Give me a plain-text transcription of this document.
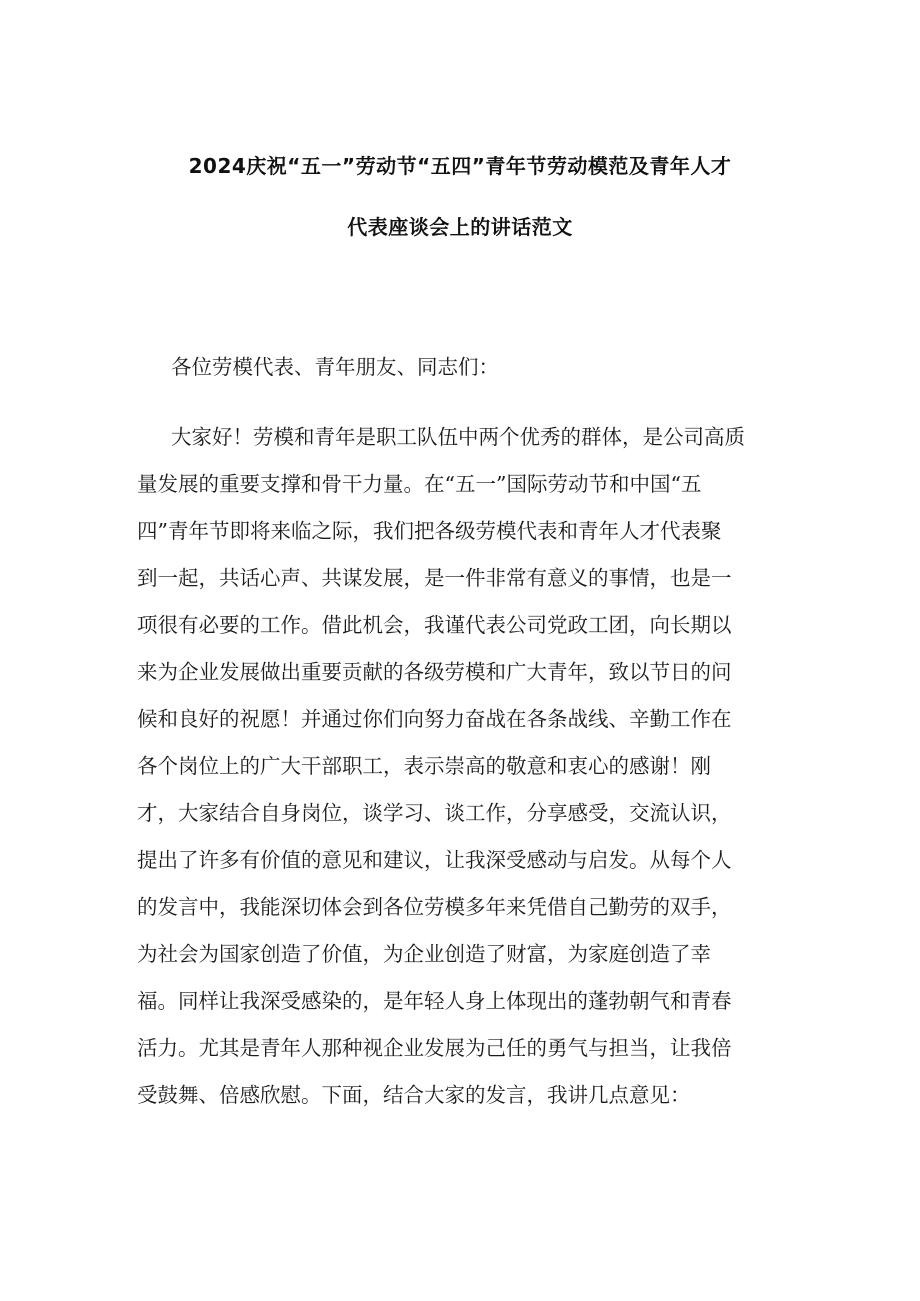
2024庆祝“五一”劳动节“五四”青年节劳动模范及青年人才
代表座谈会上的讲话范文
各位劳模代表、青年朋友、同志们：
大家好！劳模和青年是职工队伍中两个优秀的群体，是公司高质
量发展的重要支撑和骨干力量。在“五一”国际劳动节和中国“五
四”青年节即将来临之际，我们把各级劳模代表和青年人才代表聚
到一起，共话心声、共谋发展，是一件非常有意义的事情，也是一
项很有必要的工作。借此机会，我谨代表公司党政工团，向长期以
来为企业发展做出重要贡献的各级劳模和广大青年，致以节日的问
候和良好的祝愿！并通过你们向努力奋战在各条战线、辛勤工作在
各个岗位上的广大干部职工，表示崇高的敬意和衷心的感谢！刚
才，大家结合自身岗位，谈学习、谈工作，分享感受，交流认识，
提出了许多有价值的意见和建议，让我深受感动与启发。从每个人
的发言中，我能深切体会到各位劳模多年来凭借自己勤劳的双手，
为社会为国家创造了价值，为企业创造了财富，为家庭创造了幸
福。同样让我深受感染的，是年轻人身上体现出的蓬勃朝气和青春
活力。尤其是青年人那种视企业发展为己任的勇气与担当，让我倍
受鼓舞、倍感欣慰。下面，结合大家的发言，我讲几点意见：
